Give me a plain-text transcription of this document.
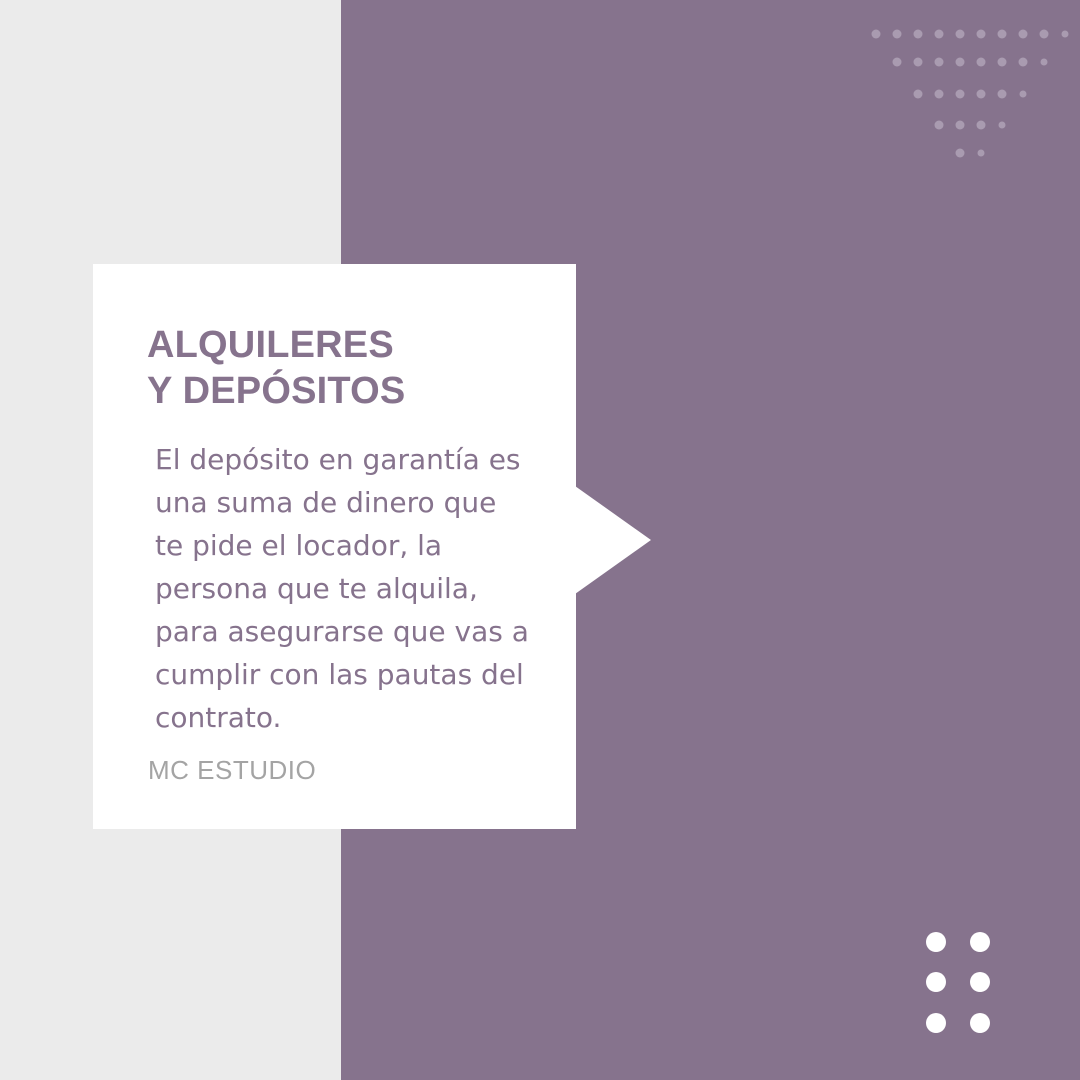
ALQUILERES
Y DEPÓSITOS

El depósito en garantía es
una suma de dinero que
te pide el locador, la
persona que te alquila,
para asegurarse que vas a
cumplir con las pautas del
contrato.

MC ESTUDIO
